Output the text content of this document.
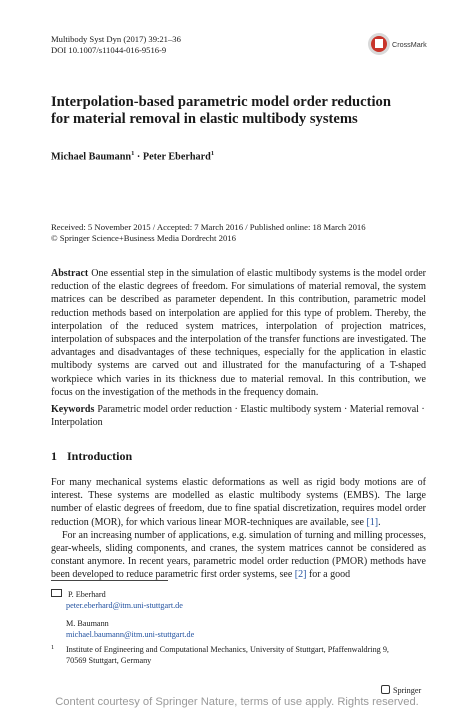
Multibody Syst Dyn (2017) 39:21–36
DOI 10.1007/s11044-016-9516-9
CrossMark
Interpolation-based parametric model order reduction
for material removal in elastic multibody systems
Michael Baumann$^1$ · Peter Eberhard$^1$
Received: 5 November 2015 / Accepted: 7 March 2016 / Published online: 18 March 2016
© Springer Science+Business Media Dordrecht 2016
Abstract One essential step in the simulation of elastic multibody systems is the model order reduction of the elastic degrees of freedom. For simulations of material removal, the system matrices can be described as parameter dependent. In this contribution, parametric model reduction methods based on interpolation are applied for this type of problem. Thereby, the interpolation of the reduced system matrices, interpolation of projection matrices, interpolation of subspaces and the interpolation of the transfer functions are investigated. The advantages and disadvantages of these techniques, especially for the application in elastic multibody systems are carved out and illustrated for the manufacturing of a T-shaped workpiece which varies in its thickness due to material removal. In this contribution, we focus on the investigation of the methods in the frequency domain.
Keywords Parametric model order reduction · Elastic multibody system · Material removal · Interpolation
1 Introduction

For many mechanical systems elastic deformations as well as rigid body motions are of interest. These systems are modelled as elastic multibody systems (EMBS). The large number of elastic degrees of freedom, due to fine spatial discretization, requires model order reduction (MOR), for which various linear MOR-techniques are available, see [1].

For an increasing number of applications, e.g. simulation of turning and milling processes, gear-wheels, sliding components, and cranes, the system matrices cannot be considered as constant anymore. In recent years, parametric model order reduction (PMOR) methods have been developed to reduce parametric first order systems, see [2] for a good

P. Eberhard
peter.eberhard@itm.uni-stuttgart.de
M. Baumann
michael.baumann@itm.uni-stuttgart.de
1	Institute of Engineering and Computational Mechanics, University of Stuttgart, Pfaffenwaldring 9,
70569 Stuttgart, Germany
Springer
Content courtesy of Springer Nature, terms of use apply. Rights reserved.
